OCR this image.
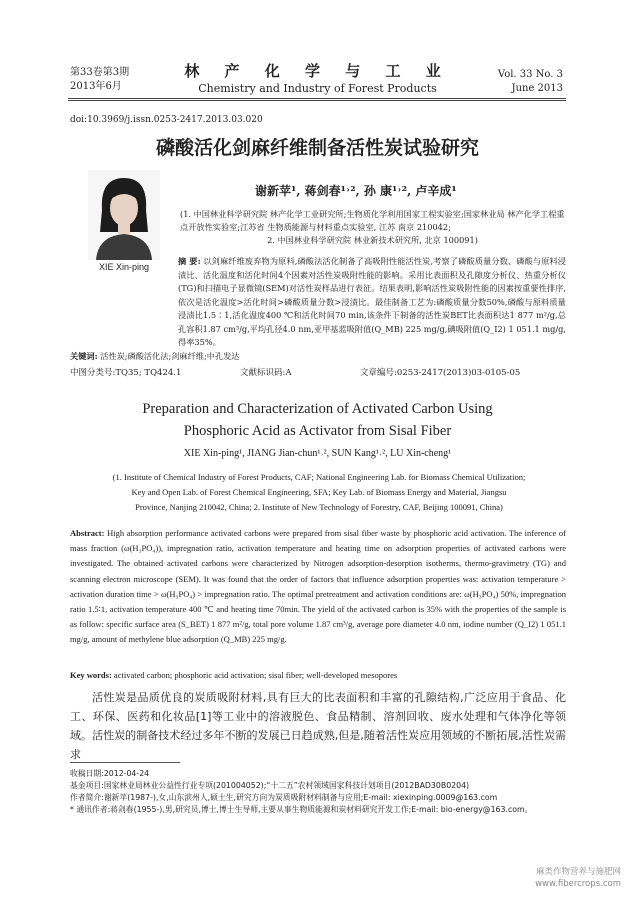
第33卷第3期
2013年6月
林 产 化 学 与 工 业
Chemistry and Industry of Forest Products
Vol. 33 No. 3
June 2013
doi:10.3969/j.issn.0253-2417.2013.03.020
磷酸活化剑麻纤维制备活性炭试验研究
XIE Xin-ping
谢新苹¹, 蒋剑春¹˒², 孙 康¹˒², 卢辛成¹
(1. 中国林业科学研究院 林产化学工业研究所;生物质化学利用国家工程实验室;国家林业局 林产化学工程重点开放性实验室;江苏省 生物质能源与材料重点实验室, 江苏 南京 210042;
2. 中国林业科学研究院 林业新技术研究所, 北京 100091)
摘 要: 以剑麻纤维废弃物为原料,磷酸法活化制备了高吸附性能活性炭,考察了磷酸质量分数、磷酸与原料浸渍比、活化温度和活化时间4个因素对活性炭吸附性能的影响。采用比表面积及孔隙度分析仪、热重分析仪(TG)和扫描电子显微镜(SEM)对活性炭样品进行表征。结果表明,影响活性炭吸附性能的因素按重要性排序,依次是活化温度>活化时间>磷酸质量分数>浸渍比。最佳制备工艺为:磷酸质量分数50%,磷酸与原料质量浸渍比1.5∶1,活化温度400 ℃和活化时间70 min,该条件下制备的活性炭BET比表面积达1 877 m²/g,总孔容积1.87 cm³/g,平均孔径4.0 nm,亚甲基蓝吸附值(Q_MB) 225 mg/g,碘吸附值(Q_I2) 1 051.1 mg/g,得率35%。
关键词: 活性炭;磷酸活化法;剑麻纤维;中孔发达
中图分类号:TQ35; TQ424.1	文献标识码:A	文章编号:0253-2417(2013)03-0105-05
Preparation and Characterization of Activated Carbon Using
Phosphoric Acid as Activator from Sisal Fiber
XIE Xin-ping¹, JIANG Jian-chun¹˒², SUN Kang¹˒², LU Xin-cheng¹
(1. Institute of Chemical Industry of Forest Products, CAF; National Engineering Lab. for Biomass Chemical Utilization;
Key and Open Lab. of Forest Chemical Engineering, SFA; Key Lab. of Biomass Energy and Material, Jiangsu
Province, Nanjing 210042, China; 2. Institute of New Technology of Forestry, CAF, Beijing 100091, China)
Abstract: High absorption performance activated carbons were prepared from sisal fiber waste by phosphoric acid activation. The inference of mass fraction (ω(H₃PO₄)), impregnation ratio, activation temperature and heating time on adsorption properties of activated carbons were investigated. The obtained activated carbons were characterized by Nitrogen adsorption-desorption isotherms, thermo-gravimetry (TG) and scanning electron microscope (SEM). It was found that the order of factors that influence adsorption properties was: activation temperature > activation duration time > ω(H₃PO₄) > impregnation ratio. The optimal pretreatment and activation conditions are: ω(H₃PO₄) 50%, impregnation ratio 1.5∶1, activation temperature 400 ℃ and heating time 70min. The yield of the activated carbon is 35% with the properties of the sample is as follow: specific surface area (S_BET) 1 877 m²/g, total pore volume 1.87 cm³/g, average pore diameter 4.0 nm, iodine number (Q_I2) 1 051.1 mg/g, amount of methylene blue adsorption (Q_MB) 225 mg/g.
Key words: activated carbon; phosphoric acid activation; sisal fiber; well-developed mesopores
活性炭是品质优良的炭质吸附材料,具有巨大的比表面积和丰富的孔隙结构,广泛应用于食品、化工、环保、医药和化妆品[1]等工业中的溶液脱色、食品精制、溶剂回收、废水处理和气体净化等领域。活性炭的制备技术经过多年不断的发展已日趋成熟,但是,随着活性炭应用领域的不断拓展,活性炭需求
收稿日期:2012-04-24
基金项目:国家林业局林业公益性行业专项(201004052);“十二五”农村领域国家科技计划项目(2012BAD30B0204)
作者简介:谢新苹(1987-),女,山东滨州人,硕士生,研究方向为炭质吸附材料制备与应用;E-mail: xiexinping.0009@163.com
* 通讯作者:蒋剑春(1955-),男,研究员,博士,博士生导师,主要从事生物质能源和炭材料研究开发工作;E-mail: bio-energy@163.com。
麻类作物营养与施肥网
www.fibercrops.com
